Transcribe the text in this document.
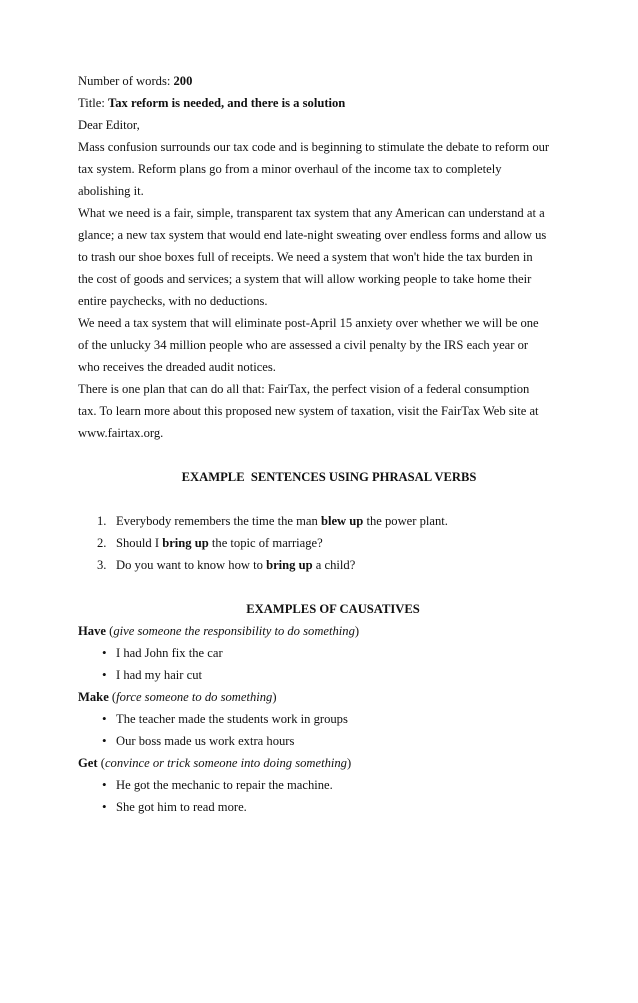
Number of words: 200
Title: Tax reform is needed, and there is a solution
Dear Editor,
Mass confusion surrounds our tax code and is beginning to stimulate the debate to reform our
tax system. Reform plans go from a minor overhaul of the income tax to completely
abolishing it.
What we need is a fair, simple, transparent tax system that any American can understand at a
glance; a new tax system that would end late-night sweating over endless forms and allow us
to trash our shoe boxes full of receipts. We need a system that won't hide the tax burden in
the cost of goods and services; a system that will allow working people to take home their
entire paychecks, with no deductions.
We need a tax system that will eliminate post-April 15 anxiety over whether we will be one
of the unlucky 34 million people who are assessed a civil penalty by the IRS each year or
who receives the dreaded audit notices.
There is one plan that can do all that: FairTax, the perfect vision of a federal consumption
tax. To learn more about this proposed new system of taxation, visit the FairTax Web site at
www.fairtax.org.
EXAMPLE  SENTENCES USING PHRASAL VERBS
1. Everybody remembers the time the man blew up the power plant.
2. Should I bring up the topic of marriage?
3. Do you want to know how to bring up a child?
EXAMPLES OF CAUSATIVES
Have (give someone the responsibility to do something)
• I had John fix the car
• I had my hair cut
Make (force someone to do something)
• The teacher made the students work in groups
• Our boss made us work extra hours
Get (convince or trick someone into doing something)
• He got the mechanic to repair the machine.
• She got him to read more.
